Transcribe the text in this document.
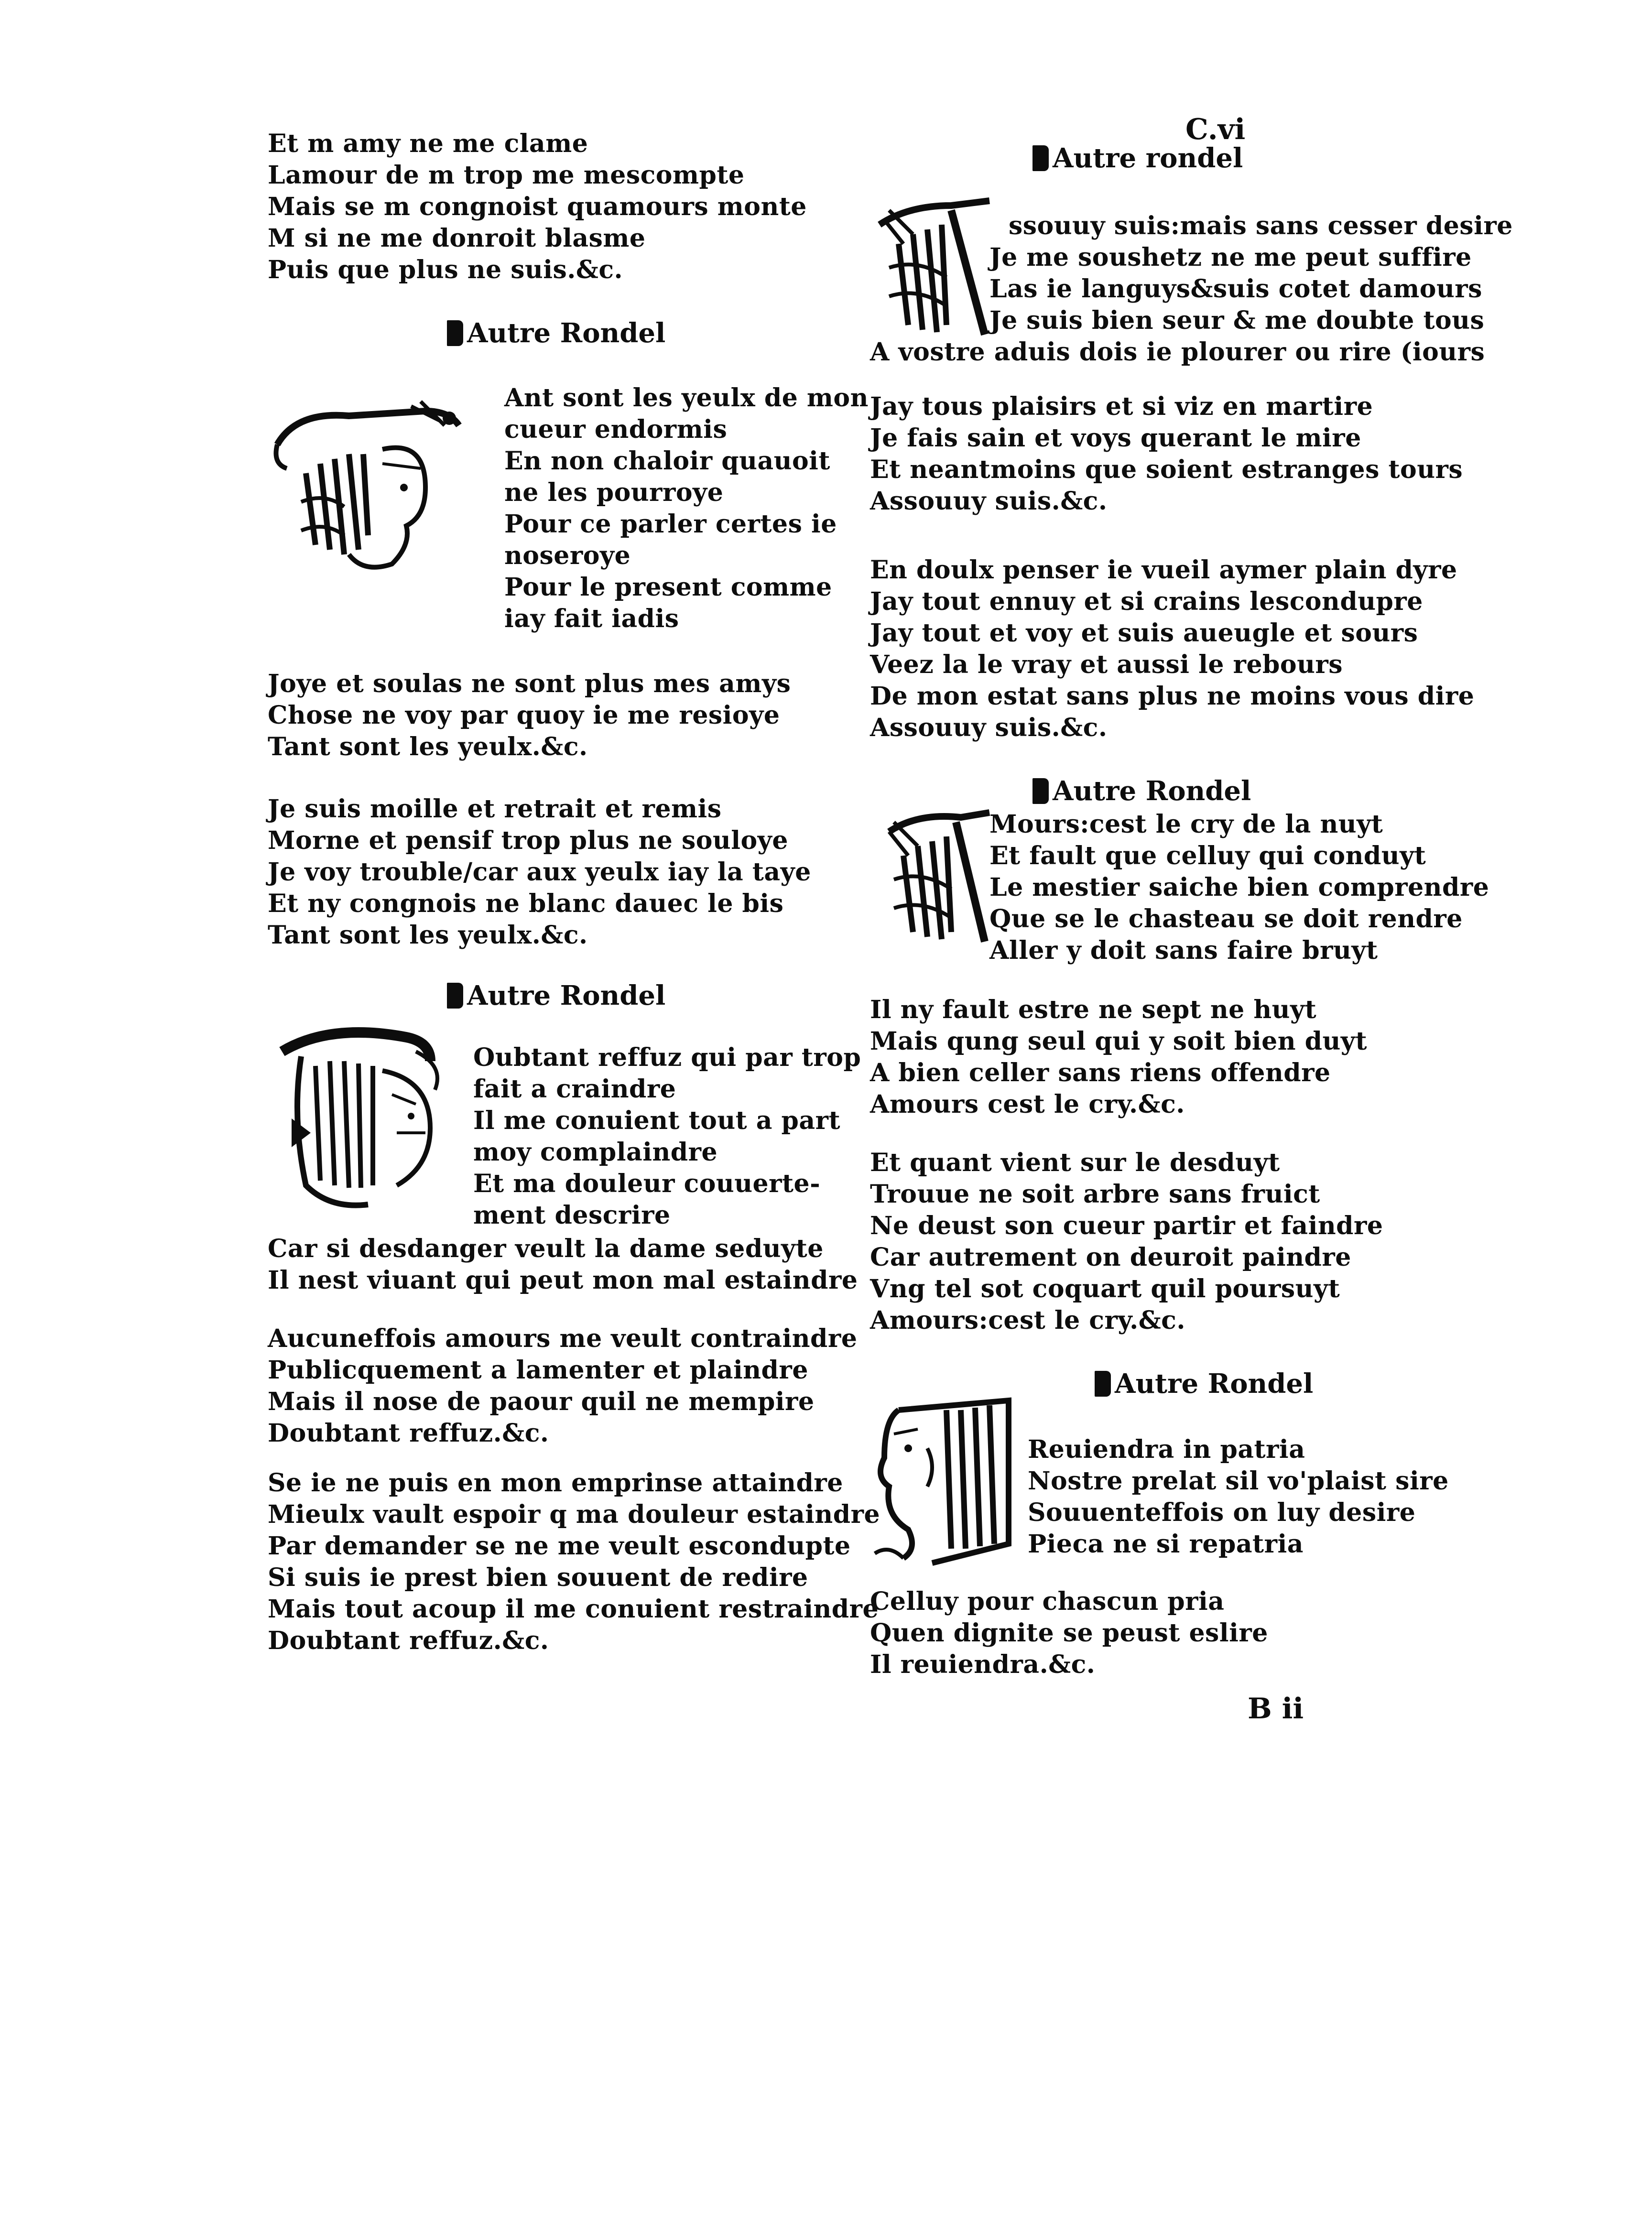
Et m amy ne me clame
Lamour de m trop me mescompte
Mais se m congnoist quamours monte
M si ne me donroit blasme
Puis que plus ne suis.&c.
Autre Rondel
Ant sont les yeulx de mon
cueur endormis
En non chaloir quauoit
ne les pourroye
Pour ce parler certes ie
noseroye
Pour le present comme
iay fait iadis
Joye et soulas ne sont plus mes amys
Chose ne voy par quoy ie me resioye
Tant sont les yeulx.&c.
Je suis moille et retrait et remis
Morne et pensif trop plus ne souloye
Je voy trouble/car aux yeulx iay la taye
Et ny congnois ne blanc dauec le bis
Tant sont les yeulx.&c.
Autre Rondel
Oubtant reffuz qui par trop
fait a craindre
Il me conuient tout a part
moy complaindre
Et ma douleur couuerte-
ment descrire
Car si desdanger veult la dame seduyte
Il nest viuant qui peut mon mal estaindre
Aucuneffois amours me veult contraindre
Publicquement a lamenter et plaindre
Mais il nose de paour quil ne mempire
Doubtant reffuz.&c.
Se ie ne puis en mon emprinse attaindre
Mieulx vault espoir q ma douleur estaindre
Par demander se ne me veult escondupte
Si suis ie prest bien souuent de redire
Mais tout acoup il me conuient restraindre
Doubtant reffuz.&c.
C.vi
Autre rondel
ssouuy suis:mais sans cesser desire
Je me soushetz ne me peut suffire
Las ie languys&suis cotet damours
Je suis bien seur & me doubte tous
A vostre aduis dois ie plourer ou rire (iours
Jay tous plaisirs et si viz en martire
Je fais sain et voys querant le mire
Et neantmoins que soient estranges tours
Assouuy suis.&c.
En doulx penser ie vueil aymer plain dyre
Jay tout ennuy et si crains lescondupre
Jay tout et voy et suis aueugle et sours
Veez la le vray et aussi le rebours
De mon estat sans plus ne moins vous dire
Assouuy suis.&c.
Autre Rondel
Mours:cest le cry de la nuyt
Et fault que celluy qui conduyt
Le mestier saiche bien comprendre
Que se le chasteau se doit rendre
Aller y doit sans faire bruyt
Il ny fault estre ne sept ne huyt
Mais qung seul qui y soit bien duyt
A bien celler sans riens offendre
Amours cest le cry.&c.
Et quant vient sur le desduyt
Trouue ne soit arbre sans fruict
Ne deust son cueur partir et faindre
Car autrement on deuroit paindre
Vng tel sot coquart quil poursuyt
Amours:cest le cry.&c.
Autre Rondel
Reuiendra in patria
Nostre prelat sil vo'plaist sire
Souuenteffois on luy desire
Pieca ne si repatria
Celluy pour chascun pria
Quen dignite se peust eslire
Il reuiendra.&c.
B ii
